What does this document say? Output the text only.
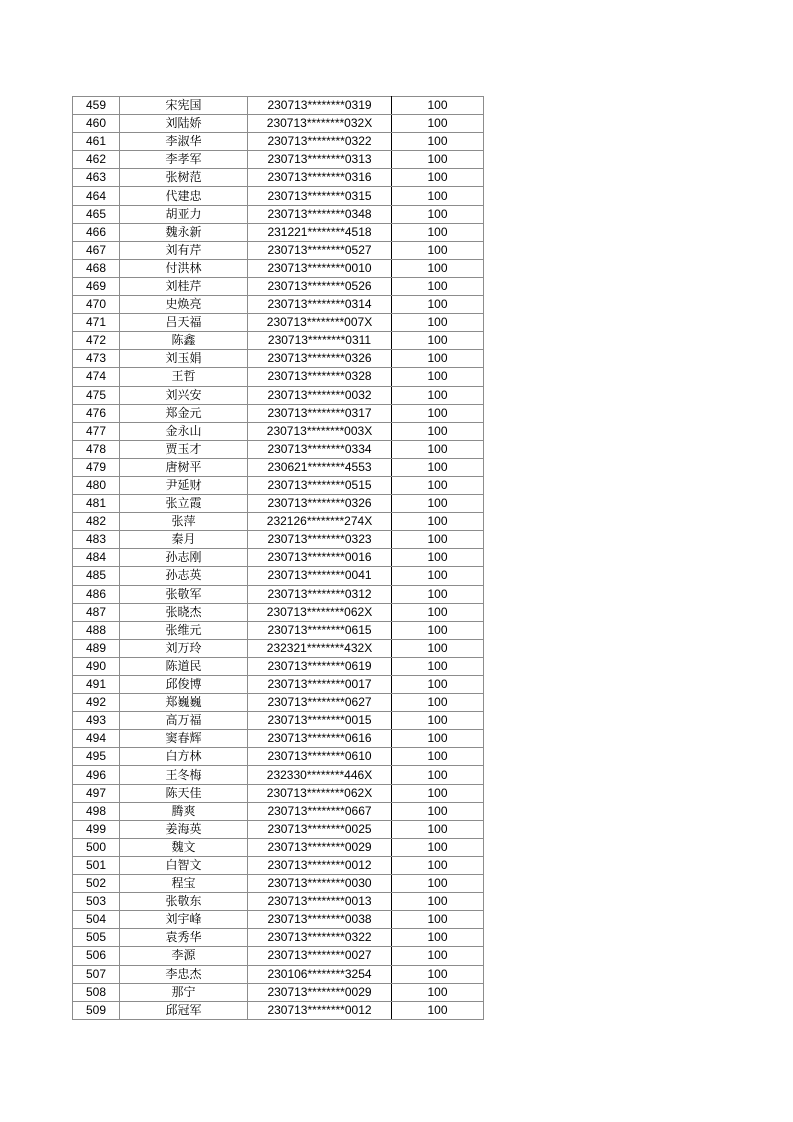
459	宋宪国	230713********0319	100
460	刘陆娇	230713********032X	100
461	李淑华	230713********0322	100
462	李孝军	230713********0313	100
463	张树范	230713********0316	100
464	代建忠	230713********0315	100
465	胡亚力	230713********0348	100
466	魏永新	231221********4518	100
467	刘有芹	230713********0527	100
468	付洪林	230713********0010	100
469	刘桂芹	230713********0526	100
470	史焕亮	230713********0314	100
471	吕天福	230713********007X	100
472	陈鑫	230713********0311	100
473	刘玉娟	230713********0326	100
474	王哲	230713********0328	100
475	刘兴安	230713********0032	100
476	郑金元	230713********0317	100
477	金永山	230713********003X	100
478	贾玉才	230713********0334	100
479	唐树平	230621********4553	100
480	尹延财	230713********0515	100
481	张立霞	230713********0326	100
482	张萍	232126********274X	100
483	秦月	230713********0323	100
484	孙志刚	230713********0016	100
485	孙志英	230713********0041	100
486	张敬军	230713********0312	100
487	张晓杰	230713********062X	100
488	张维元	230713********0615	100
489	刘万玲	232321********432X	100
490	陈道民	230713********0619	100
491	邱俊博	230713********0017	100
492	郑巍巍	230713********0627	100
493	高万福	230713********0015	100
494	窦春辉	230713********0616	100
495	白方林	230713********0610	100
496	王冬梅	232330********446X	100
497	陈天佳	230713********062X	100
498	腾爽	230713********0667	100
499	姜海英	230713********0025	100
500	魏文	230713********0029	100
501	白智文	230713********0012	100
502	程宝	230713********0030	100
503	张敬东	230713********0013	100
504	刘宇峰	230713********0038	100
505	袁秀华	230713********0322	100
506	李源	230713********0027	100
507	李忠杰	230106********3254	100
508	那宁	230713********0029	100
509	邱冠军	230713********0012	100
